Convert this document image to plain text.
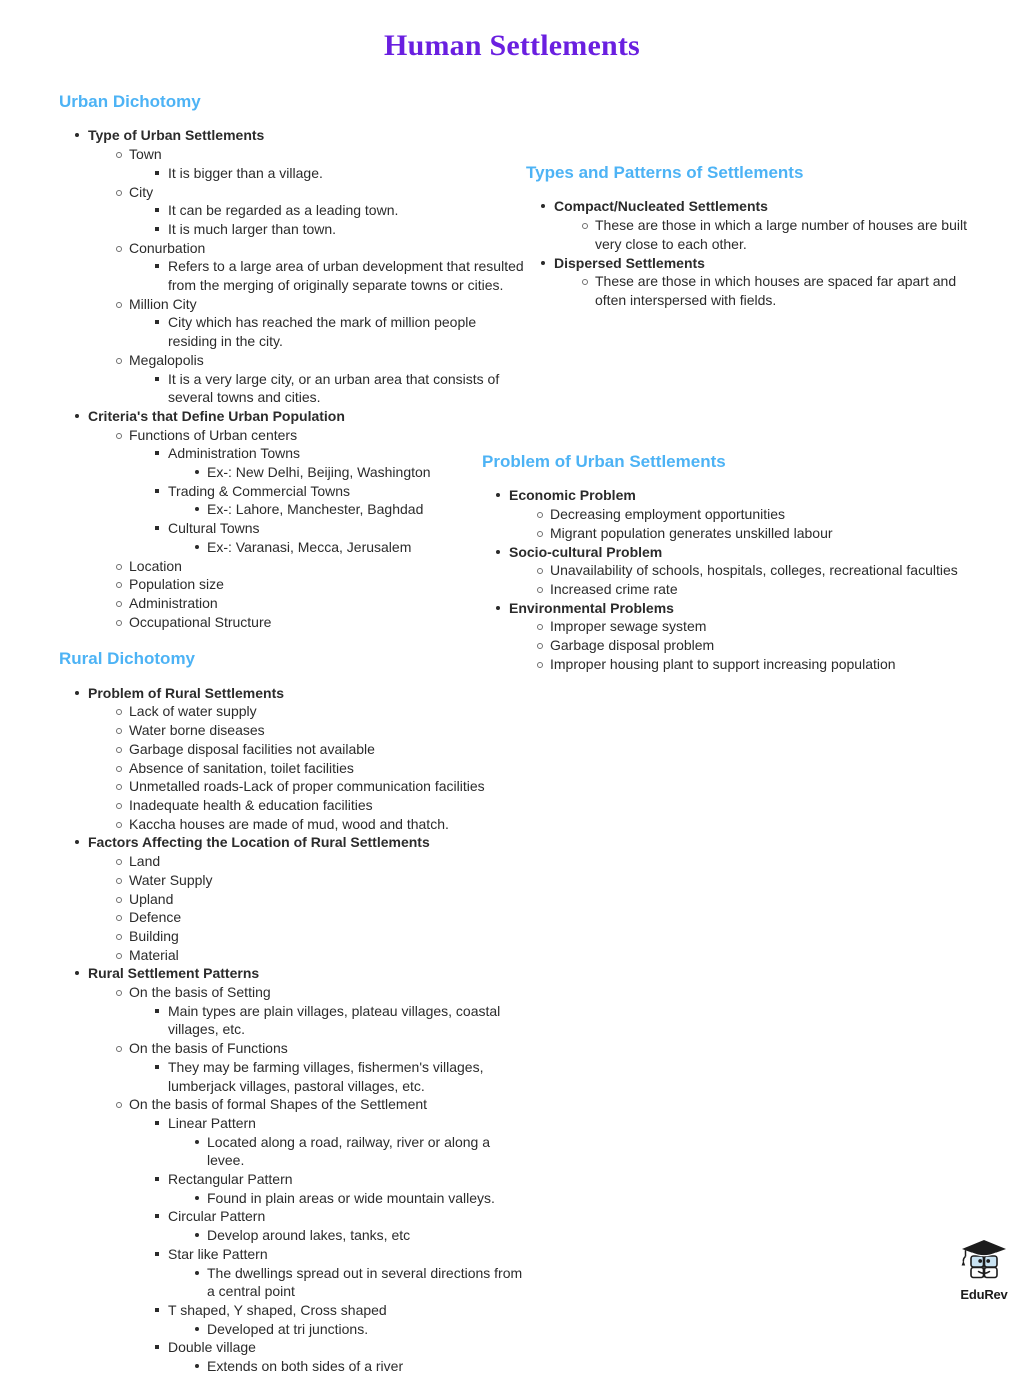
Human Settlements
Urban Dichotomy
Type of Urban Settlements
Town
It is bigger than a village.
City
It can be regarded as a leading town.
It is much larger than town.
Conurbation
Refers to a large area of urban development that resulted from the merging of originally separate towns or cities.
Million City
City which has reached the mark of million people residing in the city.
Megalopolis
It is a very large city, or an urban area that consists of several towns and cities.
Criteria's that Define Urban Population
Functions of Urban centers
Administration Towns
Ex-: New Delhi, Beijing, Washington
Trading & Commercial Towns
Ex-: Lahore, Manchester, Baghdad
Cultural Towns
Ex-: Varanasi, Mecca, Jerusalem
Location
Population size
Administration
Occupational Structure
Rural Dichotomy
Problem of Rural Settlements
Lack of water supply
Water borne diseases
Garbage disposal facilities not available
Absence of sanitation, toilet facilities
Unmetalled roads-Lack of proper communication facilities
Inadequate health & education facilities
Kaccha houses are made of mud, wood and thatch.
Factors Affecting the Location of Rural Settlements
Land
Water Supply
Upland
Defence
Building
Material
Rural Settlement Patterns
On the basis of Setting
Main types are plain villages, plateau villages, coastal villages, etc.
On the basis of Functions
They may be farming villages, fishermen's villages, lumberjack villages, pastoral villages, etc.
On the basis of formal Shapes of the Settlement
Linear Pattern
Located along a road, railway, river or along a levee.
Rectangular Pattern
Found in plain areas or wide mountain valleys.
Circular Pattern
Develop around lakes, tanks, etc
Star like Pattern
The dwellings spread out in several directions from a central point
T shaped, Y shaped, Cross shaped
Developed at tri junctions.
Double village
Extends on both sides of a river
Types and Patterns of Settlements
Compact/Nucleated Settlements
These are those in which a large number of houses are built very close to each other.
Dispersed Settlements
These are those in which houses are spaced far apart and often interspersed with fields.
Problem of Urban Settlements
Economic Problem
Decreasing employment opportunities
Migrant population generates unskilled labour
Socio-cultural Problem
Unavailability of schools, hospitals, colleges, recreational faculties
Increased crime rate
Environmental Problems
Improper sewage system
Garbage disposal problem
Improper housing plant to support increasing population
EduRev
